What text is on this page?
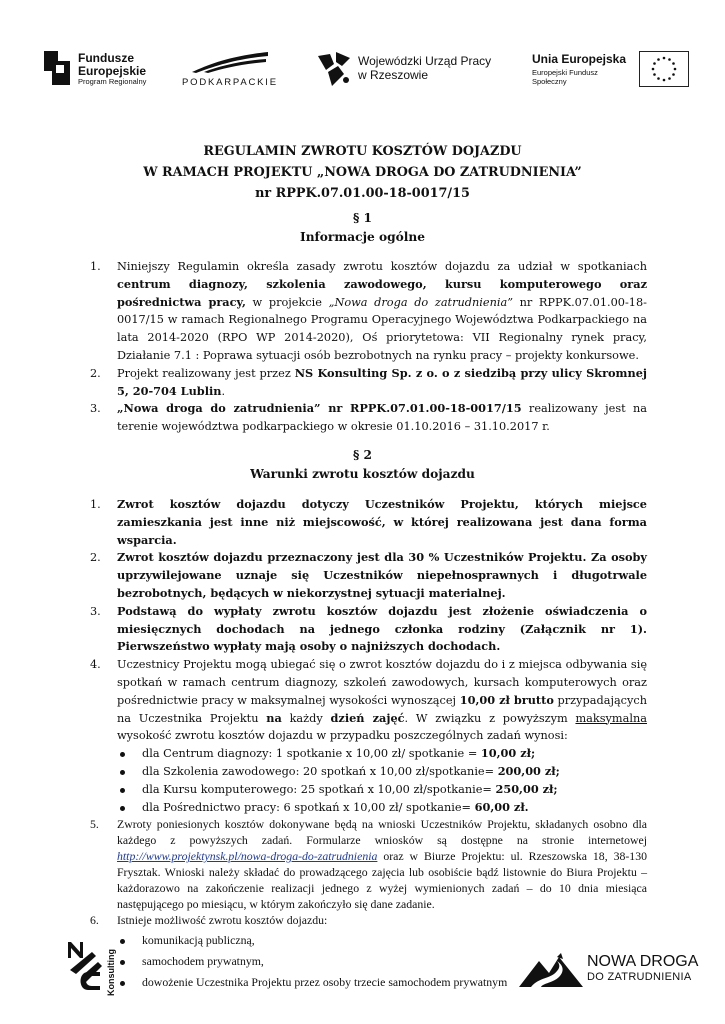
Fundusze
Europejskie
Program Regionalny	PODKARPACKIE
Wojewódzki Urząd Pracy
w Rzeszowie
Unia Europejska
Europejski Fundusz Społeczny
REGULAMIN ZWROTU KOSZTÓW DOJAZDU
W RAMACH PROJEKTU „NOWA DROGA DO ZATRUDNIENIA”
nr RPPK.07.01.00-18-0017/15
§ 1
Informacje ogólne
1. Niniejszy Regulamin określa zasady zwrotu kosztów dojazdu za udział w spotkaniach centrum diagnozy, szkolenia zawodowego, kursu komputerowego oraz pośrednictwa pracy, w projekcie „Nowa droga do zatrudnienia” nr RPPK.07.01.00-18-0017/15 w ramach Regionalnego Programu Operacyjnego Województwa Podkarpackiego na lata 2014-2020 (RPO WP 2014-2020), Oś priorytetowa: VII Regionalny rynek pracy, Działanie 7.1 : Poprawa sytuacji osób bezrobotnych na rynku pracy – projekty konkursowe.
2. Projekt realizowany jest przez NS Konsulting Sp. z o. o z siedzibą przy ulicy Skromnej 5, 20-704 Lublin.
3. „Nowa droga do zatrudnienia” nr RPPK.07.01.00-18-0017/15 realizowany jest na terenie województwa podkarpackiego w okresie 01.10.2016 – 31.10.2017 r.
§ 2
Warunki zwrotu kosztów dojazdu
1. Zwrot kosztów dojazdu dotyczy Uczestników Projektu, których miejsce zamieszkania jest inne niż miejscowość, w której realizowana jest dana forma wsparcia.
2. Zwrot kosztów dojazdu przeznaczony jest dla 30 % Uczestników Projektu. Za osoby uprzywilejowane uznaje się Uczestników niepełnosprawnych i długotrwale bezrobotnych, będących w niekorzystnej sytuacji materialnej.
3. Podstawą do wypłaty zwrotu kosztów dojazdu jest złożenie oświadczenia o miesięcznych dochodach na jednego członka rodziny (Załącznik nr 1). Pierwszeństwo wypłaty mają osoby o najniższych dochodach.
4. Uczestnicy Projektu mogą ubiegać się o zwrot kosztów dojazdu do i z miejsca odbywania się spotkań w ramach centrum diagnozy, szkoleń zawodowych, kursach komputerowych oraz pośrednictwie pracy w maksymalnej wysokości wynoszącej 10,00 zł brutto przypadających na Uczestnika Projektu na każdy dzień zajęć. W związku z powyższym maksymalna wysokość zwrotu kosztów dojazdu w przypadku poszczególnych zadań wynosi:
dla Centrum diagnozy: 1 spotkanie x 10,00 zł/ spotkanie = 10,00 zł;
dla Szkolenia zawodowego: 20 spotkań x 10,00 zł/spotkanie= 200,00 zł;
dla Kursu komputerowego: 25 spotkań x 10,00 zł/spotkanie= 250,00 zł;
dla Pośrednictwo pracy: 6 spotkań x 10,00 zł/ spotkanie= 60,00 zł.
5. Zwroty poniesionych kosztów dokonywane będą na wnioski Uczestników Projektu, składanych osobno dla każdego z powyższych zadań. Formularze wniosków są dostępne na stronie internetowej http://www.projektynsk.pl/nowa-droga-do-zatrudnienia oraz w Biurze Projektu: ul. Rzeszowska 18, 38-130 Frysztak. Wnioski należy składać do prowadzącego zajęcia lub osobiście bądź listownie do Biura Projektu – każdorazowo na zakończenie realizacji jednego z wyżej wymienionych zadań – do 10 dnia miesiąca następującego po miesiącu, w którym zakończyło się dane zadanie.
6. Istnieje możliwość zwrotu kosztów dojazdu:
komunikacją publiczną,
samochodem prywatnym,
dowożenie Uczestnika Projektu przez osoby trzecie samochodem prywatnym
Konsulting	NOWA DROGA
DO ZATRUDNIENIA
